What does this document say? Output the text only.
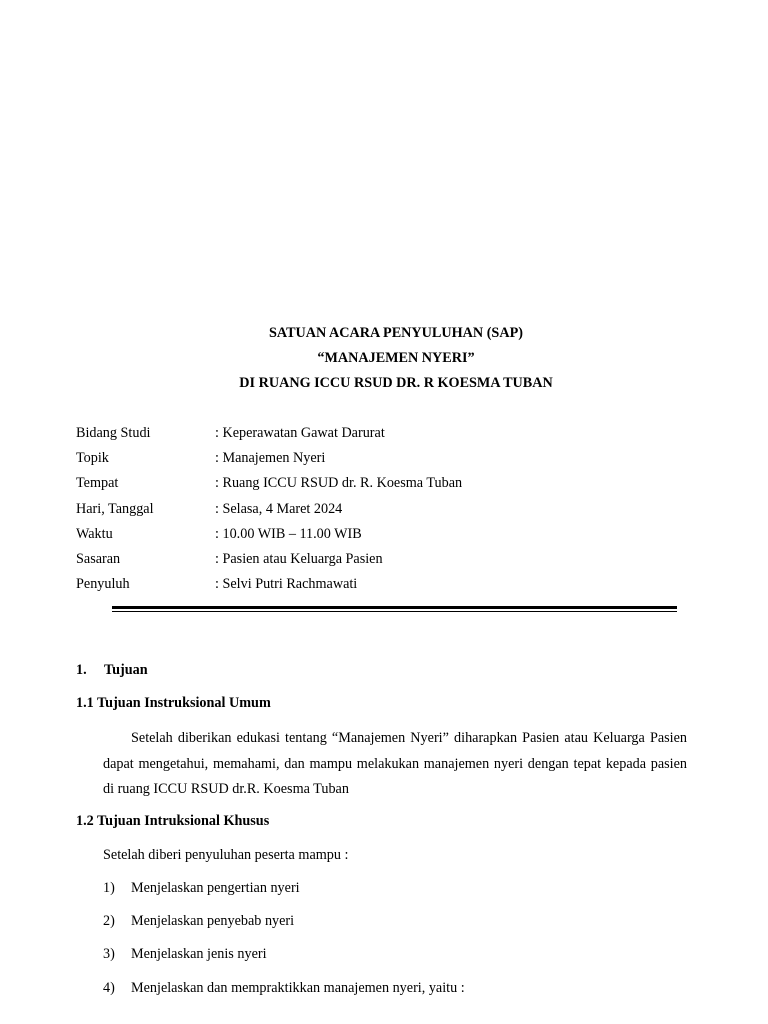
SATUAN ACARA PENYULUHAN (SAP)
“MANAJEMEN NYERI”
DI RUANG ICCU RSUD DR. R KOESMA TUBAN
Bidang Studi	: Keperawatan Gawat Darurat
Topik	: Manajemen Nyeri
Tempat	: Ruang ICCU RSUD dr. R. Koesma Tuban
Hari, Tanggal	: Selasa, 4 Maret 2024
Waktu	: 10.00 WIB – 11.00 WIB
Sasaran	: Pasien atau Keluarga Pasien
Penyuluh	: Selvi Putri Rachmawati
1. Tujuan
1.1 Tujuan Instruksional Umum
Setelah diberikan edukasi tentang “Manajemen Nyeri” diharapkan Pasien atau Keluarga Pasien dapat mengetahui, memahami, dan mampu melakukan manajemen nyeri dengan tepat kepada pasien di ruang ICCU RSUD dr.R. Koesma Tuban
1.2 Tujuan Intruksional Khusus
Setelah diberi penyuluhan peserta mampu :
1) Menjelaskan pengertian nyeri
2) Menjelaskan penyebab nyeri
3) Menjelaskan jenis nyeri
4) Menjelaskan dan mempraktikkan manajemen nyeri, yaitu :
